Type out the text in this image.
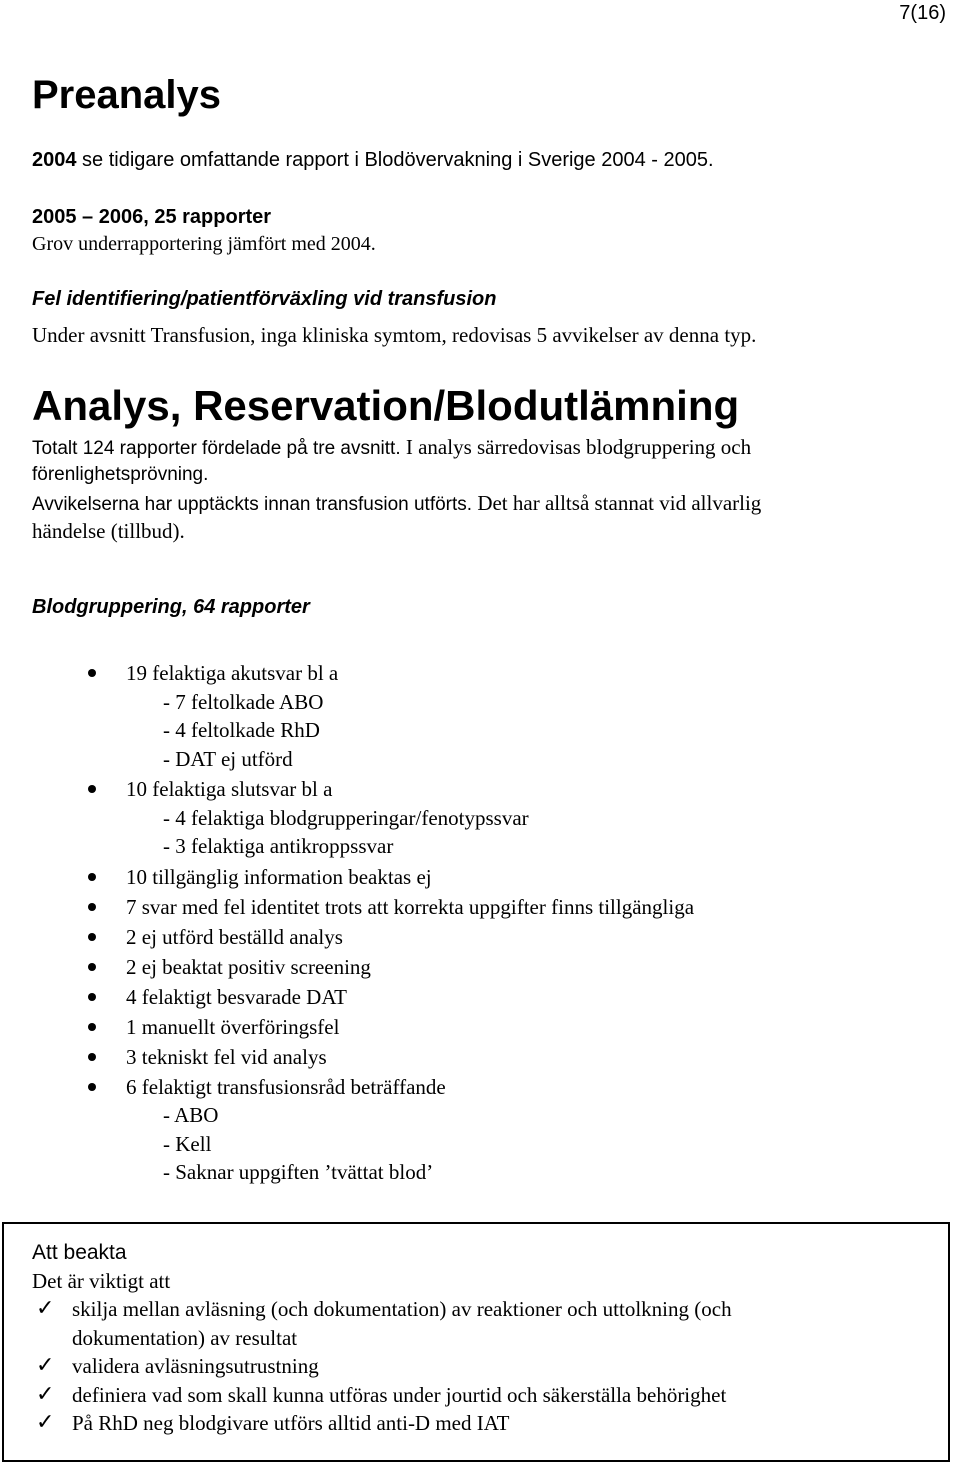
7(16)
Preanalys
2004 se tidigare omfattande rapport i Blodövervakning i Sverige 2004 - 2005.
2005 – 2006, 25 rapporter
Grov underrapportering jämfört med 2004.
Fel identifiering/patientförväxling vid transfusion
Under avsnitt Transfusion, inga kliniska symtom, redovisas 5 avvikelser av denna typ.
Analys, Reservation/Blodutlämning
Totalt 124 rapporter fördelade på tre avsnitt. I analys särredovisas blodgruppering och
förenlighetsprövning.
Avvikelserna har upptäckts innan transfusion utförts. Det har alltså stannat vid allvarlig
händelse (tillbud).
Blodgruppering, 64 rapporter
19 felaktiga akutsvar bl a
- 7 feltolkade ABO
- 4 feltolkade RhD
- DAT ej utförd
10 felaktiga slutsvar bl a
- 4 felaktiga blodgrupperingar/fenotypssvar
- 3 felaktiga antikroppssvar
10 tillgänglig information beaktas ej
7 svar med fel identitet trots att korrekta uppgifter finns tillgängliga
2 ej utförd beställd analys
2 ej beaktat positiv screening
4 felaktigt besvarade DAT
1 manuellt överföringsfel
3 tekniskt fel vid analys
6 felaktigt transfusionsråd beträffande
- ABO
- Kell
- Saknar uppgiften ’tvättat blod’
Att beakta
Det är viktigt att
✓ skilja mellan avläsning (och dokumentation) av reaktioner och uttolkning (och
dokumentation) av resultat
✓ validera avläsningsutrustning
✓ definiera vad som skall kunna utföras under jourtid och säkerställa behörighet
✓ På RhD neg blodgivare utförs alltid anti-D med IAT
